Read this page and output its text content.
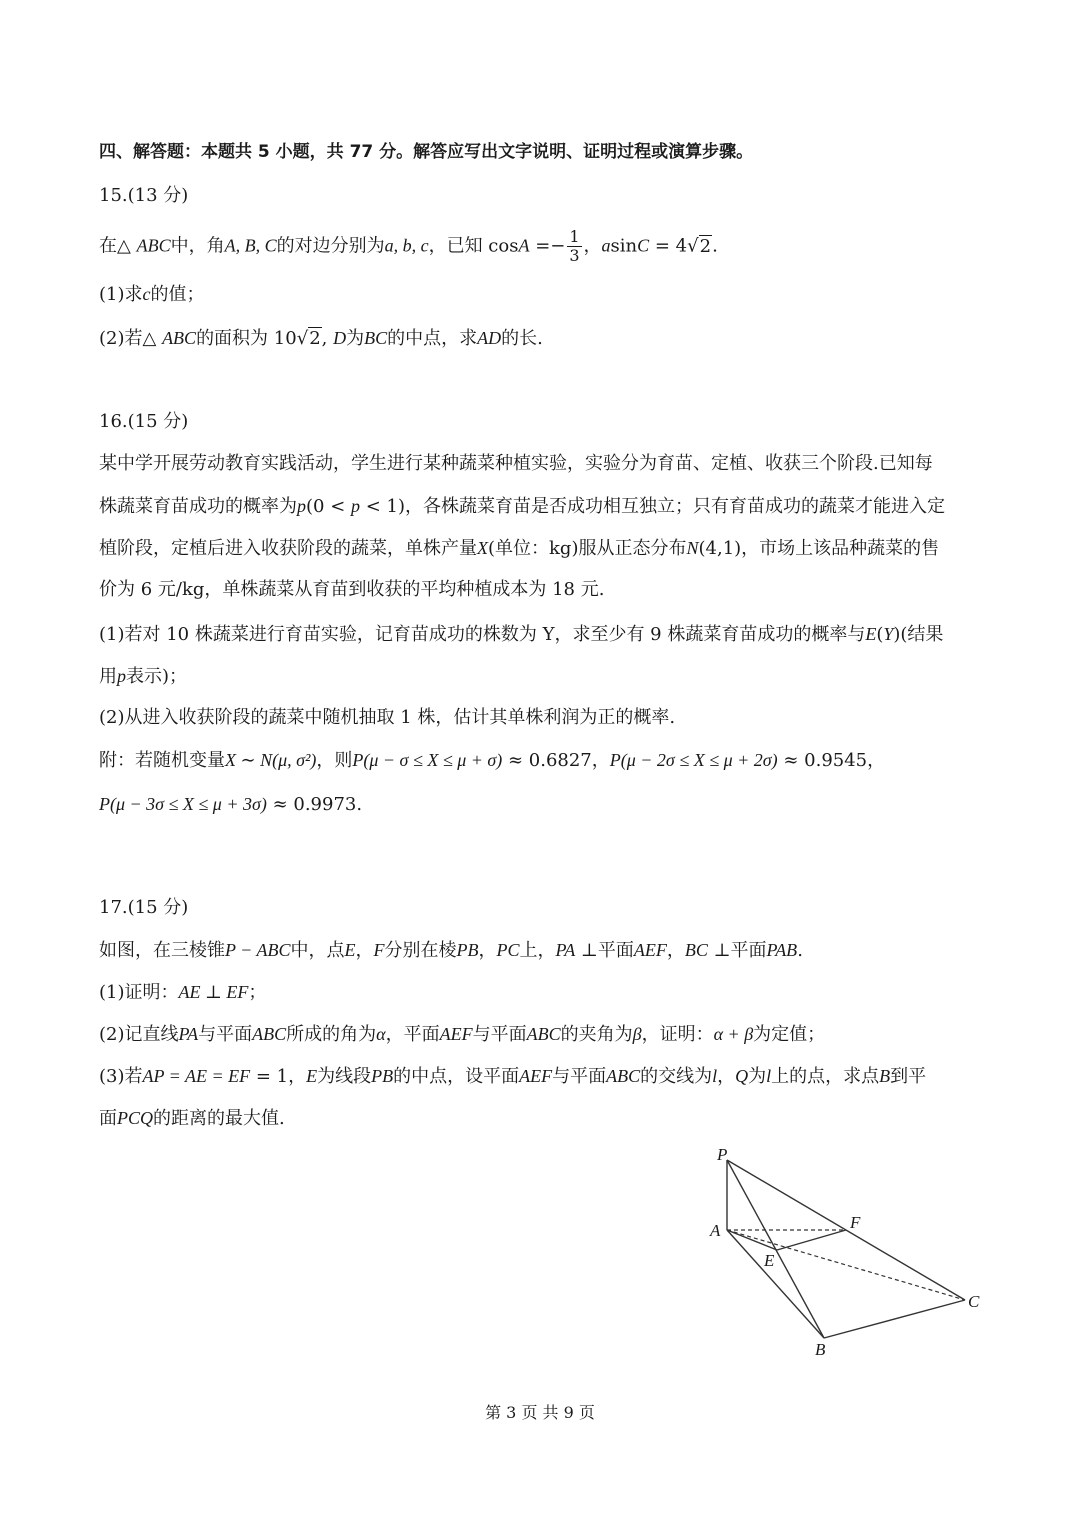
四、解答题：本题共 5 小题，共 77 分。解答应写出文字说明、证明过程或演算步骤。
15.(13 分)
在△ ABC中，角A, B, C的对边分别为a, b, c，已知 $\cos A =- \frac{1}{3}$ ，asinC = 4√2.
(1)求c的值；
(2)若△ ABC的面积为 10√2, D为BC的中点，求AD的长.
16.(15 分)
某中学开展劳动教育实践活动，学生进行某种蔬菜种植实验，实验分为育苗、定植、收获三个阶段.已知每
株蔬菜育苗成功的概率为p(0 < p < 1)，各株蔬菜育苗是否成功相互独立；只有育苗成功的蔬菜才能进入定
植阶段，定植后进入收获阶段的蔬菜，单株产量X(单位：kg)服从正态分布N(4,1)，市场上该品种蔬菜的售
价为 6 元/kg，单株蔬菜从育苗到收获的平均种植成本为 18 元.
(1)若对 10 株蔬菜进行育苗实验，记育苗成功的株数为 Y，求至少有 9 株蔬菜育苗成功的概率与E(Y)(结果
用p表示)；
(2)从进入收获阶段的蔬菜中随机抽取 1 株，估计其单株利润为正的概率.
附：若随机变量X ∼ N(μ, σ²)，则P(μ − σ ≤ X ≤ μ + σ) ≈ 0.6827，P(μ − 2σ ≤ X ≤ μ + 2σ) ≈ 0.9545，
P(μ − 3σ ≤ X ≤ μ + 3σ) ≈ 0.9973.
17.(15 分)
如图，在三棱锥P − ABC中，点E，F分别在棱PB，PC上，PA ⊥平面AEF，BC ⊥平面PAB.
(1)证明：AE ⊥ EF；
(2)记直线PA与平面ABC所成的角为α，平面AEF与平面ABC的夹角为β，证明：α + β为定值；
(3)若AP = AE = EF = 1，E为线段PB的中点，设平面AEF与平面ABC的交线为l，Q为l上的点，求点B到平
面PCQ的距离的最大值.
P
A
E
F
C
B
第 3 页 共 9 页
